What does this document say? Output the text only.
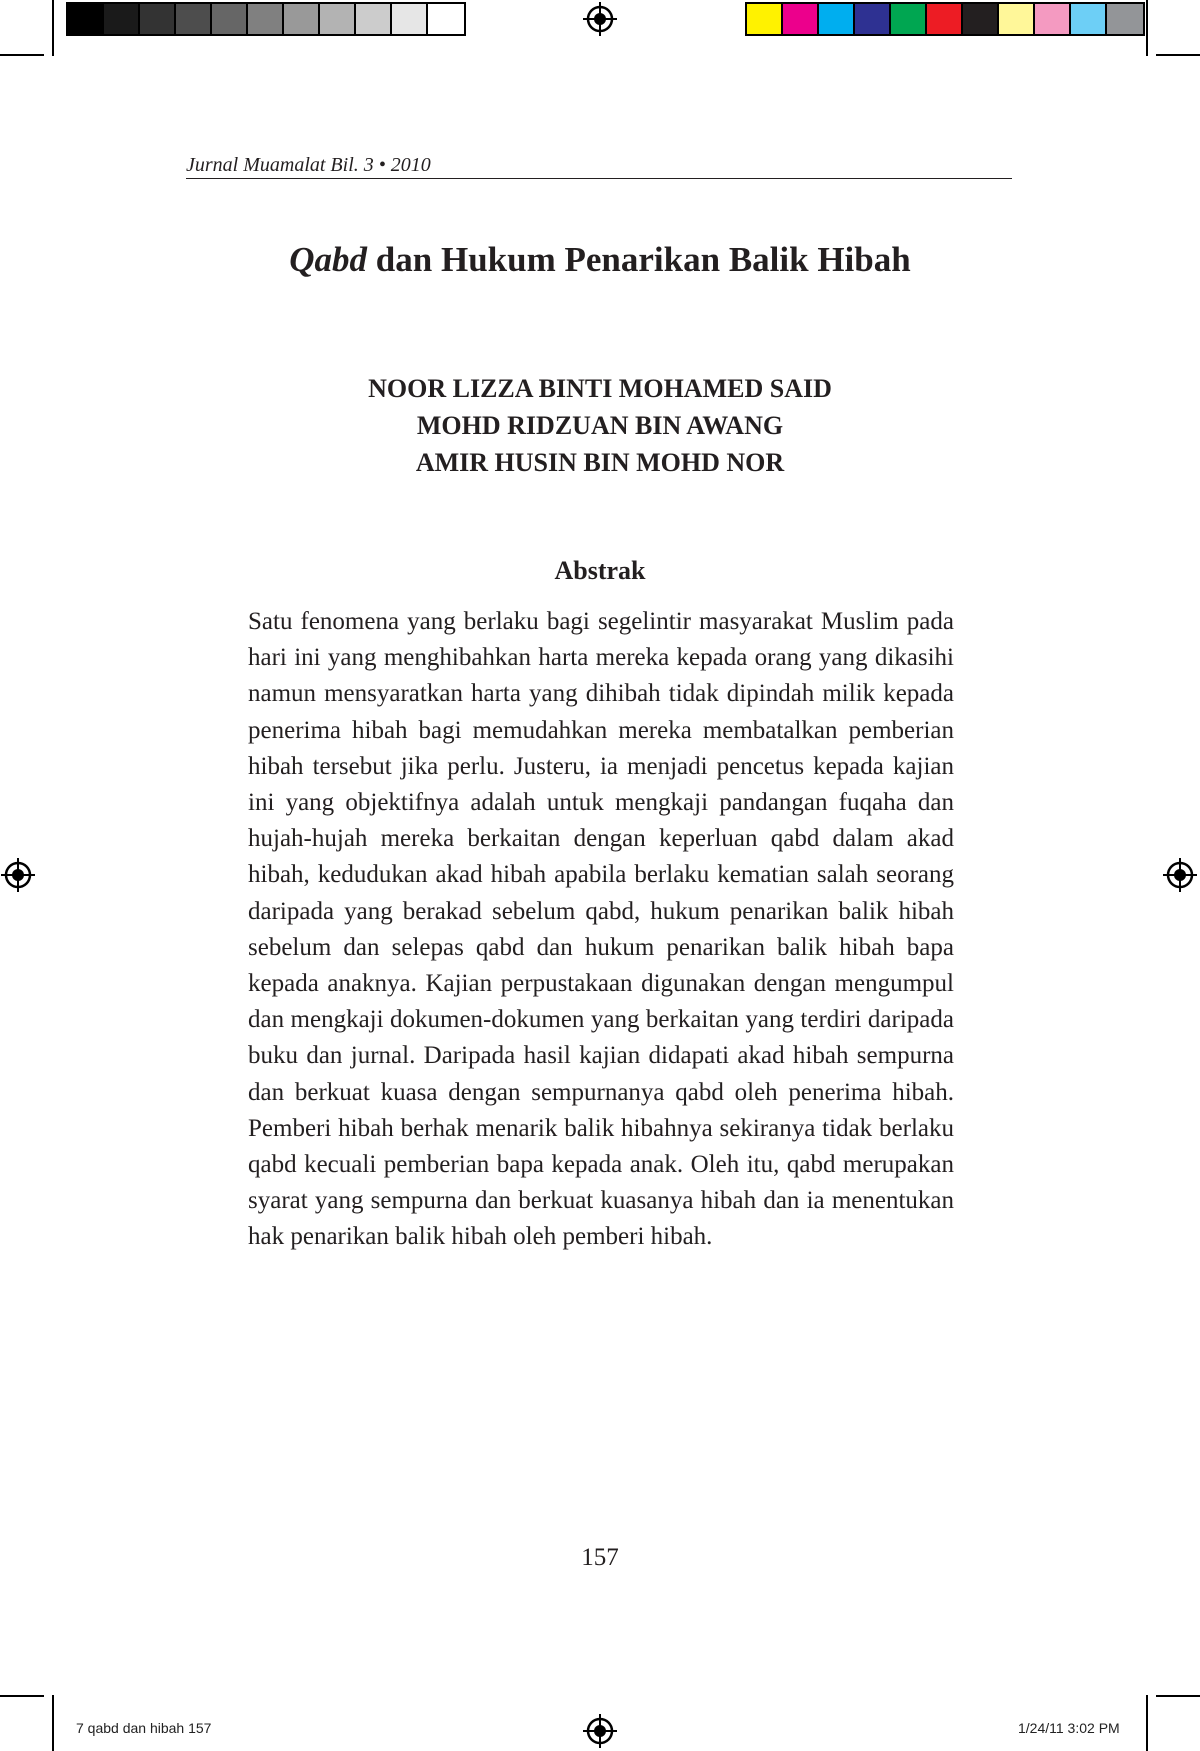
Jurnal Muamalat Bil. 3 • 2010
Qabd dan Hukum Penarikan Balik Hibah
NOOR LIZZA BINTI MOHAMED SAID
MOHD RIDZUAN BIN AWANG
AMIR HUSIN BIN MOHD NOR
Abstrak
Satu fenomena yang berlaku bagi segelintir masyarakat Muslim pada hari ini yang menghibahkan harta mereka kepada orang yang dikasihi namun mensyaratkan harta yang dihibah tidak dipindah milik kepada penerima hibah bagi memudahkan mereka membatalkan pemberian hibah tersebut jika perlu. Justeru, ia menjadi pencetus kepada kajian ini yang objektifnya adalah untuk mengkaji pandangan fuqaha dan hujah-hujah mereka berkaitan dengan keperluan qabd dalam akad hibah, kedudukan akad hibah apabila berlaku kematian salah seorang daripada yang berakad sebelum qabd, hukum penarikan balik hibah sebelum dan selepas qabd dan hukum penarikan balik hibah bapa kepada anaknya. Kajian perpustakaan digunakan dengan mengumpul dan mengkaji dokumen-dokumen yang berkaitan yang terdiri daripada buku dan jurnal. Daripada hasil kajian didapati akad hibah sempurna dan berkuat kuasa dengan sempurnanya qabd oleh penerima hibah. Pemberi hibah berhak menarik balik hibahnya sekiranya tidak berlaku qabd kecuali pemberian bapa kepada anak. Oleh itu, qabd merupakan syarat yang sempurna dan berkuat kuasanya hibah dan ia menentukan hak penarikan balik hibah oleh pemberi hibah.
157
7 qabd dan hibah 157	1/24/11 3:02 PM
